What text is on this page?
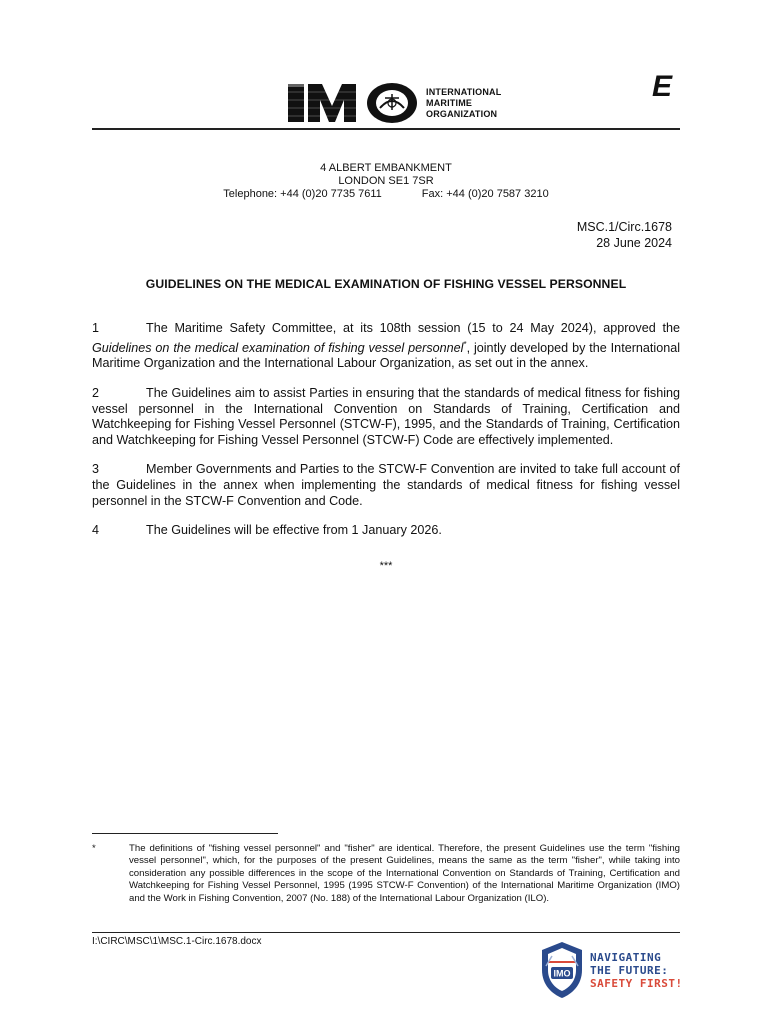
INTERNATIONAL
MARITIME
ORGANIZATION
E
4 ALBERT EMBANKMENT
LONDON SE1 7SR
Telephone: +44 (0)20 7735 7611	Fax: +44 (0)20 7587 3210
MSC.1/Circ.1678
28 June 2024
GUIDELINES ON THE MEDICAL EXAMINATION OF FISHING VESSEL PERSONNEL

1	The Maritime Safety Committee, at its 108th session (15 to 24 May 2024), approved the Guidelines on the medical examination of fishing vessel personnel*, jointly developed by the International Maritime Organization and the International Labour Organization, as set out in the annex.

2	The Guidelines aim to assist Parties in ensuring that the standards of medical fitness for fishing vessel personnel in the International Convention on Standards of Training, Certification and Watchkeeping for Fishing Vessel Personnel (STCW-F), 1995, and the Standards of Training, Certification and Watchkeeping for Fishing Vessel Personnel (STCW-F) Code are effectively implemented.

3	Member Governments and Parties to the STCW-F Convention are invited to take full account of the Guidelines in the annex when implementing the standards of medical fitness for fishing vessel personnel in the STCW-F Convention and Code.

4	The Guidelines will be effective from 1 January 2026.

***
*	The definitions of "fishing vessel personnel" and "fisher" are identical. Therefore, the present Guidelines use the term "fishing vessel personnel", which, for the purposes of the present Guidelines, means the same as the term "fisher", while taking into consideration any possible differences in the scope of the International Convention on Standards of Training, Certification and Watchkeeping for Fishing Vessel Personnel, 1995 (1995 STCW-F Convention) of the International Maritime Organization (IMO) and the Work in Fishing Convention, 2007 (No. 188) of the International Labour Organization (ILO).
I:\CIRC\MSC\1\MSC.1-Circ.1678.docx
IMO
NAVIGATING
THE FUTURE:
SAFETY FIRST!
